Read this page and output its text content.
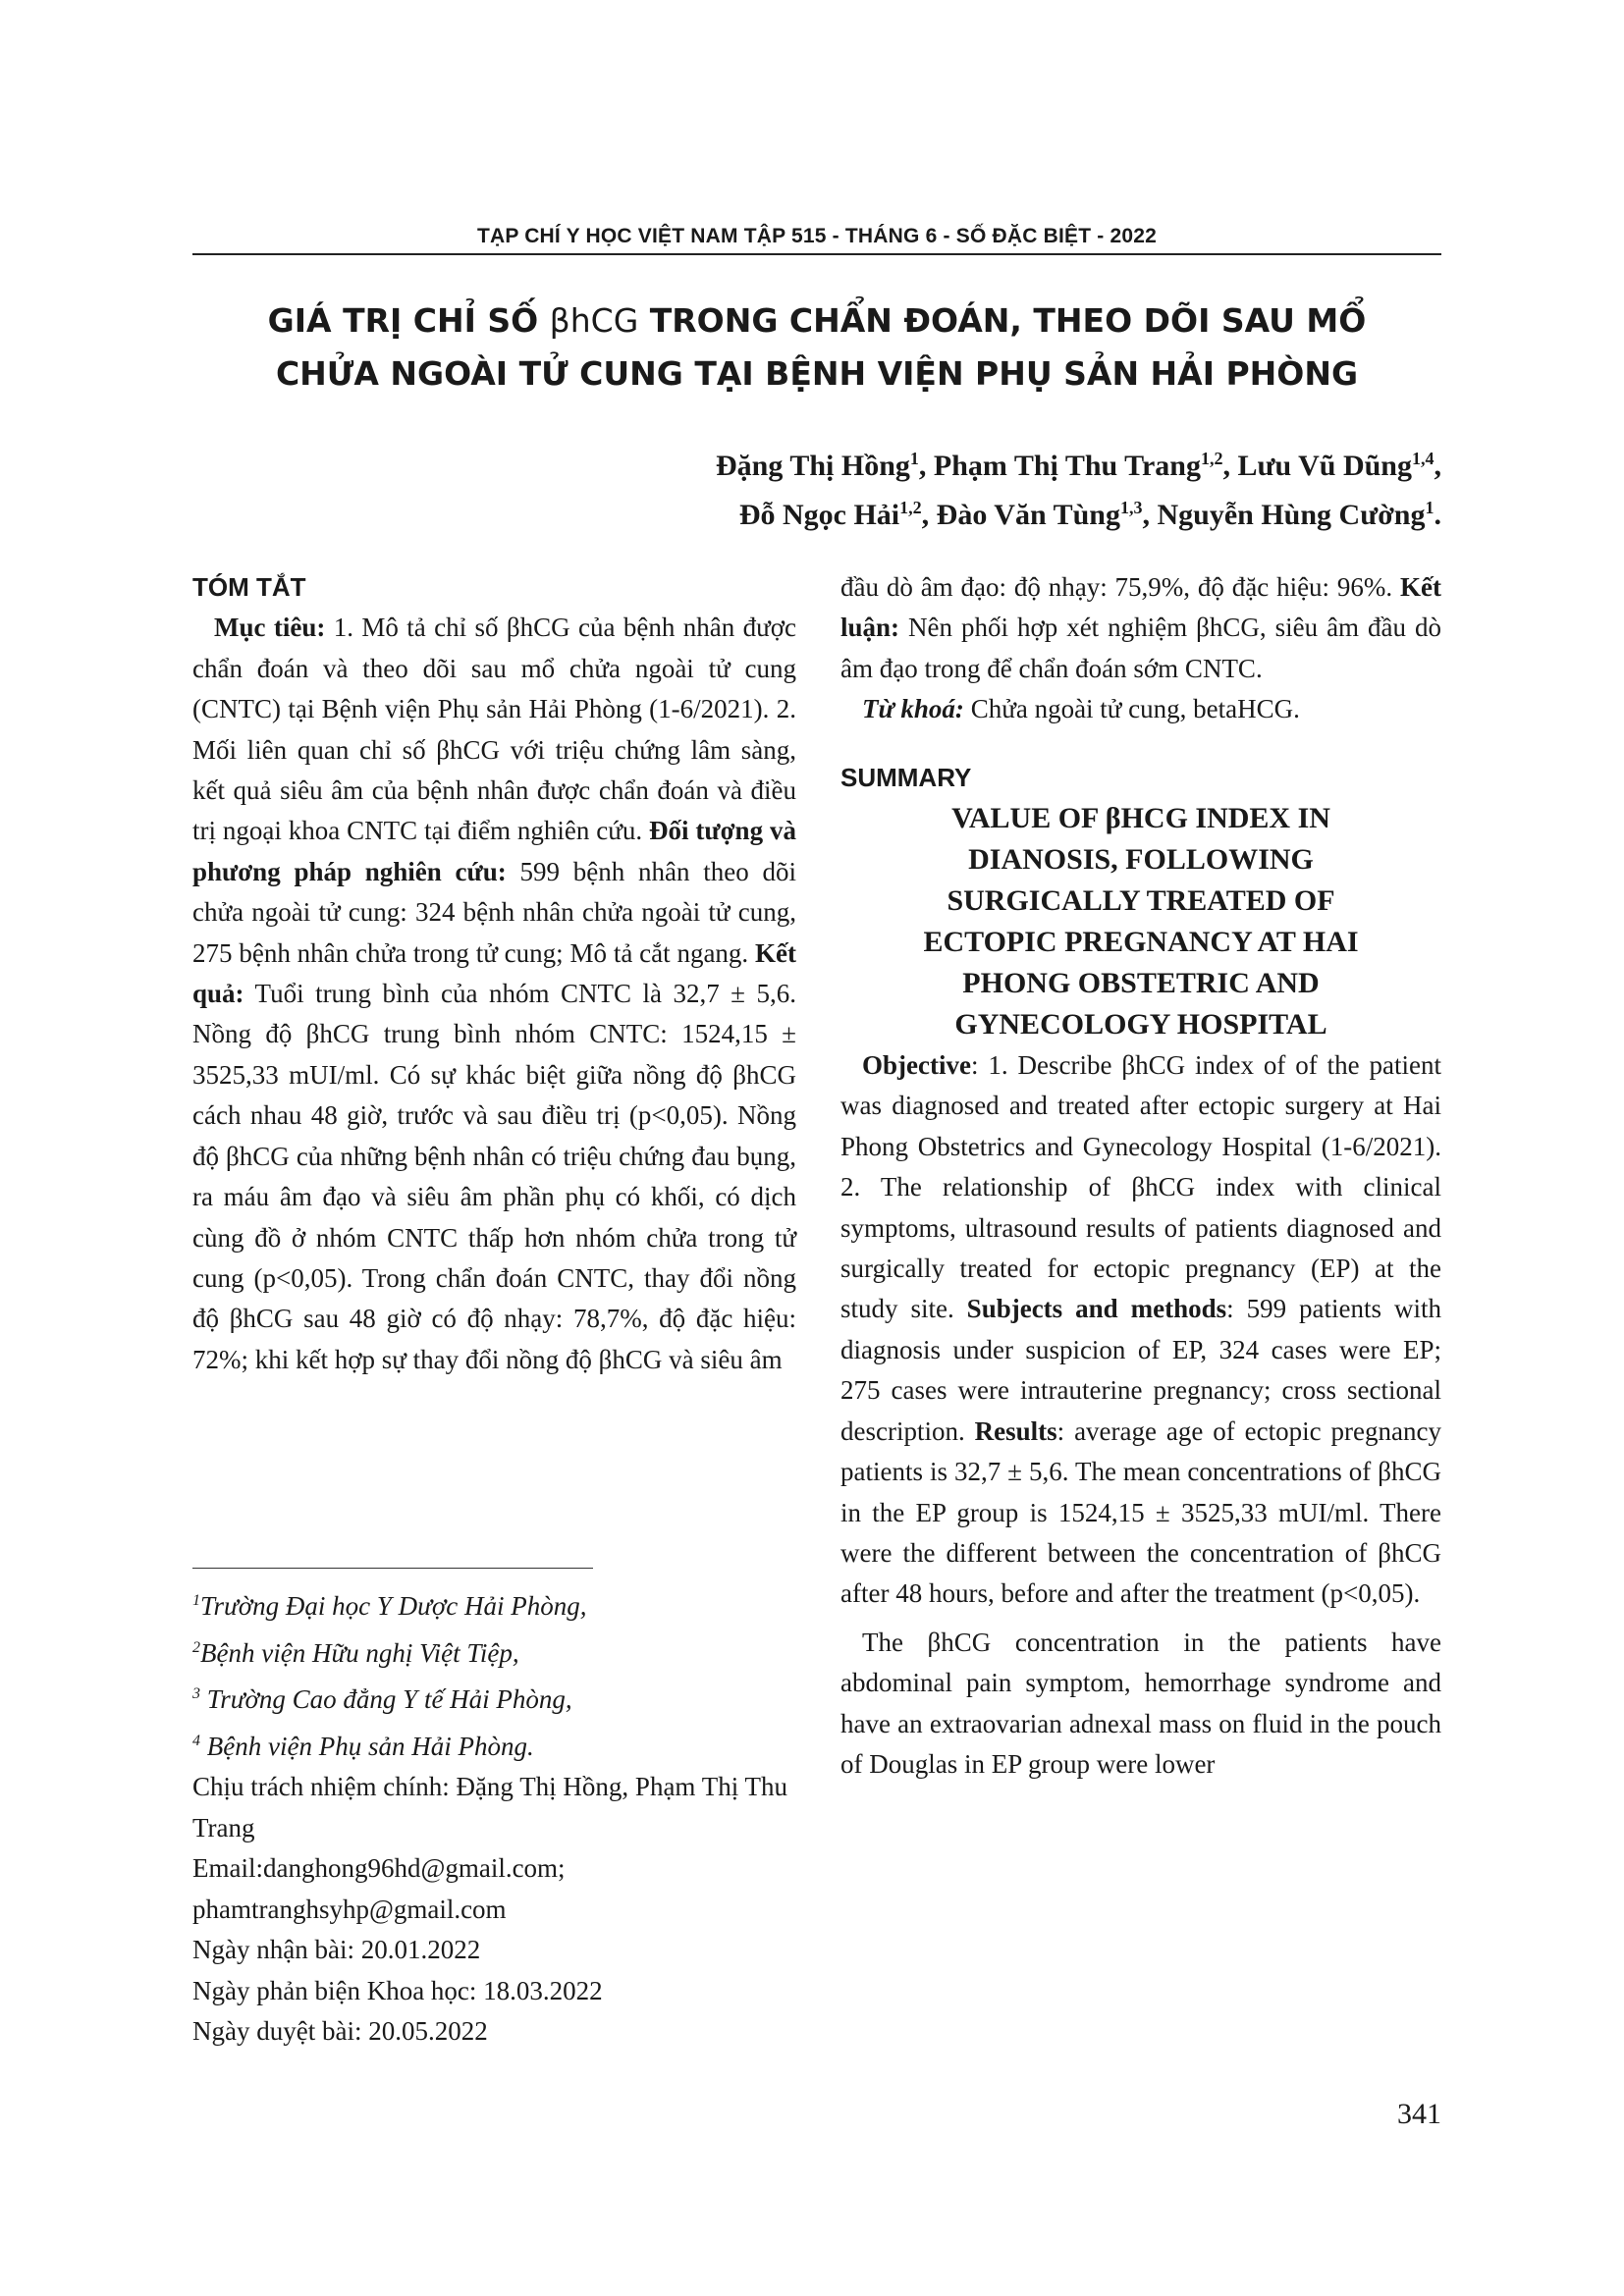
TẠP CHÍ Y HỌC VIỆT NAM TẬP 515 - THÁNG 6 - SỐ ĐẶC BIỆT - 2022
GIÁ TRỊ CHỈ SỐ βhCG TRONG CHẨN ĐOÁN, THEO DÕI SAU MỔ
CHỬA NGOÀI TỬ CUNG TẠI BỆNH VIỆN PHỤ SẢN HẢI PHÒNG
Đặng Thị Hồng$^1$, Phạm Thị Thu Trang$^{1,2}$, Lưu Vũ Dũng$^{1,4}$,
Đỗ Ngọc Hải$^{1,2}$, Đào Văn Tùng$^{1,3}$, Nguyễn Hùng Cường$^1$.
TÓM TẮT

Mục tiêu: 1. Mô tả chỉ số βhCG của bệnh nhân được chẩn đoán và theo dõi sau mổ chửa ngoài tử cung (CNTC) tại Bệnh viện Phụ sản Hải Phòng (1-6/2021). 2. Mối liên quan chỉ số βhCG với triệu chứng lâm sàng, kết quả siêu âm của bệnh nhân được chẩn đoán và điều trị ngoại khoa CNTC tại điểm nghiên cứu. Đối tượng và phương pháp nghiên cứu: 599 bệnh nhân theo dõi chửa ngoài tử cung: 324 bệnh nhân chửa ngoài tử cung, 275 bệnh nhân chửa trong tử cung; Mô tả cắt ngang. Kết quả: Tuổi trung bình của nhóm CNTC là 32,7 ± 5,6. Nồng độ βhCG trung bình nhóm CNTC: 1524,15 ± 3525,33 mUI/ml. Có sự khác biệt giữa nồng độ βhCG cách nhau 48 giờ, trước và sau điều trị (p<0,05). Nồng độ βhCG của những bệnh nhân có triệu chứng đau bụng, ra máu âm đạo và siêu âm phần phụ có khối, có dịch cùng đồ ở nhóm CNTC thấp hơn nhóm chửa trong tử cung (p<0,05). Trong chẩn đoán CNTC, thay đổi nồng độ βhCG sau 48 giờ có độ nhạy: 78,7%, độ đặc hiệu: 72%; khi kết hợp sự thay đổi nồng độ βhCG và siêu âm

$^1$Trường Đại học Y Dược Hải Phòng,
$^2$Bệnh viện Hữu nghị Việt Tiệp,
$^3$ Trường Cao đẳng Y tế Hải Phòng,
$^4$ Bệnh viện Phụ sản Hải Phòng.
Chịu trách nhiệm chính: Đặng Thị Hồng, Phạm Thị Thu Trang
Email:danghong96hd@gmail.com;
phamtranghsyhp@gmail.com
Ngày nhận bài: 20.01.2022
Ngày phản biện Khoa học: 18.03.2022
Ngày duyệt bài: 20.05.2022

đầu dò âm đạo: độ nhạy: 75,9%, độ đặc hiệu: 96%. Kết luận: Nên phối hợp xét nghiệm βhCG, siêu âm đầu dò âm đạo trong để chẩn đoán sớm CNTC.

Từ khoá: Chửa ngoài tử cung, betaHCG.

SUMMARY
VALUE OF βHCG INDEX IN
DIANOSIS, FOLLOWING
SURGICALLY TREATED OF
ECTOPIC PREGNANCY AT HAI
PHONG OBSTETRIC AND
GYNECOLOGY HOSPITAL

Objective: 1. Describe βhCG index of of the patient was diagnosed and treated after ectopic surgery at Hai Phong Obstetrics and Gynecology Hospital (1-6/2021). 2. The relationship of βhCG index with clinical symptoms, ultrasound results of patients diagnosed and surgically treated for ectopic pregnancy (EP) at the study site. Subjects and methods: 599 patients with diagnosis under suspicion of EP, 324 cases were EP; 275 cases were intrauterine pregnancy; cross sectional description. Results: average age of ectopic pregnancy patients is 32,7 ± 5,6. The mean concentrations of βhCG in the EP group is 1524,15 ± 3525,33 mUI/ml. There were the different between the concentration of βhCG after 48 hours, before and after the treatment (p<0,05).

The βhCG concentration in the patients have abdominal pain symptom, hemorrhage syndrome and have an extraovarian adnexal mass on fluid in the pouch of Douglas in EP group were lower

341
